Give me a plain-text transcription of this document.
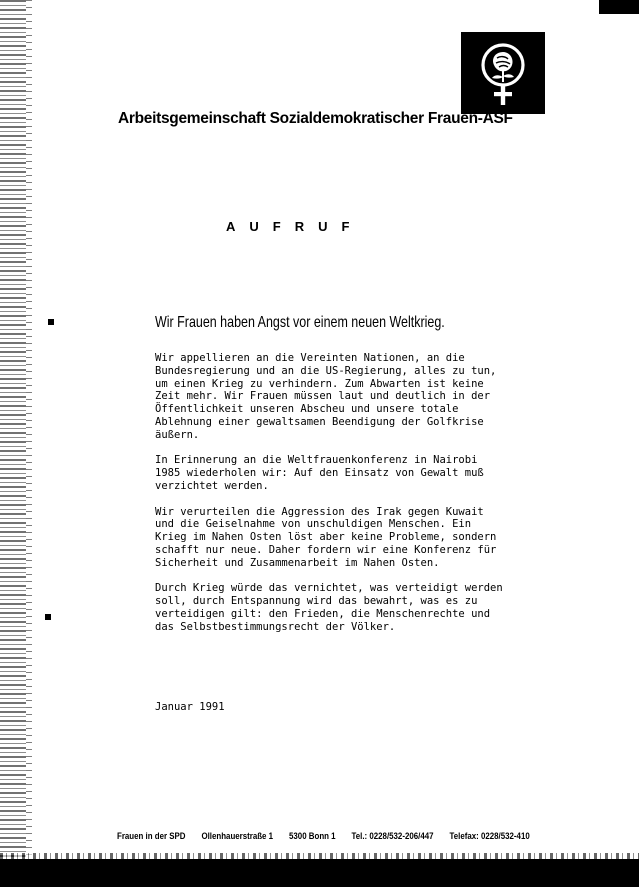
Arbeitsgemeinschaft Sozialdemokratischer Frauen-ASF
AUFRUF
Wir Frauen haben Angst vor einem neuen Weltkrieg.

Wir appellieren an die Vereinten Nationen, an die
Bundesregierung und an die US-Regierung, alles zu tun,
um einen Krieg zu verhindern. Zum Abwarten ist keine
Zeit mehr. Wir Frauen müssen laut und deutlich in der
Öffentlichkeit unseren Abscheu und unsere totale
Ablehnung einer gewaltsamen Beendigung der Golfkrise
äußern.

In Erinnerung an die Weltfrauenkonferenz in Nairobi
1985 wiederholen wir: Auf den Einsatz von Gewalt muß
verzichtet werden.

Wir verurteilen die Aggression des Irak gegen Kuwait
und die Geiselnahme von unschuldigen Menschen. Ein
Krieg im Nahen Osten löst aber keine Probleme, sondern
schafft nur neue. Daher fordern wir eine Konferenz für
Sicherheit und Zusammenarbeit im Nahen Osten.

Durch Krieg würde das vernichtet, was verteidigt werden
soll, durch Entspannung wird das bewahrt, was es zu
verteidigen gilt: den Frieden, die Menschenrechte und
das Selbstbestimmungsrecht der Völker.

Januar 1991
Frauen in der SPD Ollenhauerstraße 1 5300 Bonn 1 Tel.: 0228/532-206/447 Telefax: 0228/532-410
